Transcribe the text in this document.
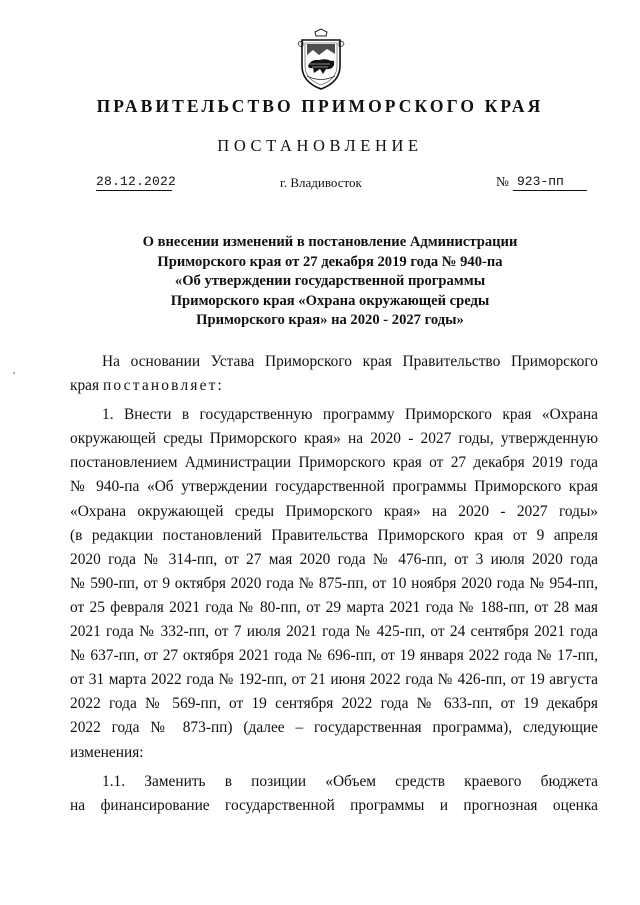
ПРАВИТЕЛЬСТВО ПРИМОРСКОГО КРАЯ
ПОСТАНОВЛЕНИЕ
28.12.2022	г. Владивосток	№ 923-пп
О внесении изменений в постановление Администрации
Приморского края от 27 декабря 2019 года № 940-па
«Об утверждении государственной программы
Приморского края «Охрана окружающей среды
Приморского края» на 2020 - 2027 годы»
На основании Устава Приморского края Правительство Приморского
края постановляет:
1. Внести в государственную программу Приморского края «Охрана
окружающей среды Приморского края» на 2020 - 2027 годы, утвержденную
постановлением Администрации Приморского края от 27 декабря 2019 года
№ 940-па «Об утверждении государственной программы Приморского края
«Охрана окружающей среды Приморского края» на 2020 - 2027 годы»
(в редакции постановлений Правительства Приморского края от 9 апреля
2020 года № 314-пп, от 27 мая 2020 года № 476-пп, от 3 июля 2020 года
№ 590-пп, от 9 октября 2020 года № 875-пп, от 10 ноября 2020 года № 954-пп,
от 25 февраля 2021 года № 80-пп, от 29 марта 2021 года № 188-пп, от 28 мая
2021 года № 332-пп, от 7 июля 2021 года № 425-пп, от 24 сентября 2021 года
№ 637-пп, от 27 октября 2021 года № 696-пп, от 19 января 2022 года № 17-пп,
от 31 марта 2022 года № 192-пп, от 21 июня 2022 года № 426-пп, от 19 августа
2022 года № 569-пп, от 19 сентября 2022 года № 633-пп, от 19 декабря
2022 года № 873-пп) (далее – государственная программа), следующие
изменения:
1.1. Заменить в позиции «Объем средств краевого бюджета
на финансирование государственной программы и прогнозная оценка
